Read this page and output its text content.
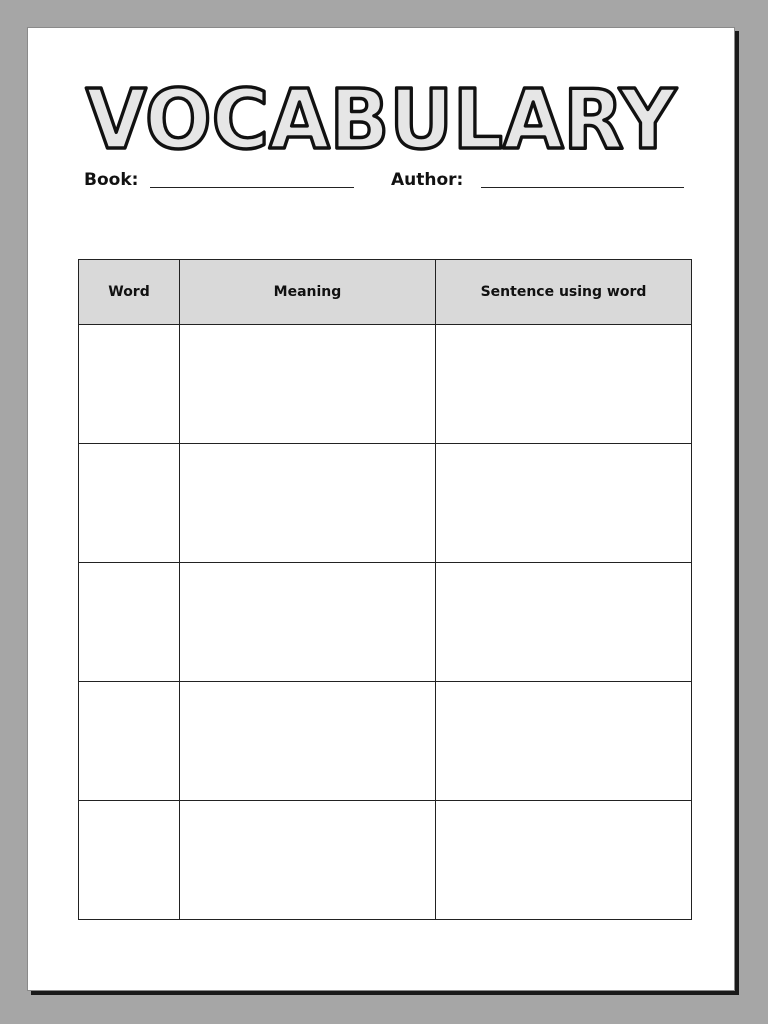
VOCABULARY
Book:	Author:
Word	Meaning	Sentence using word
